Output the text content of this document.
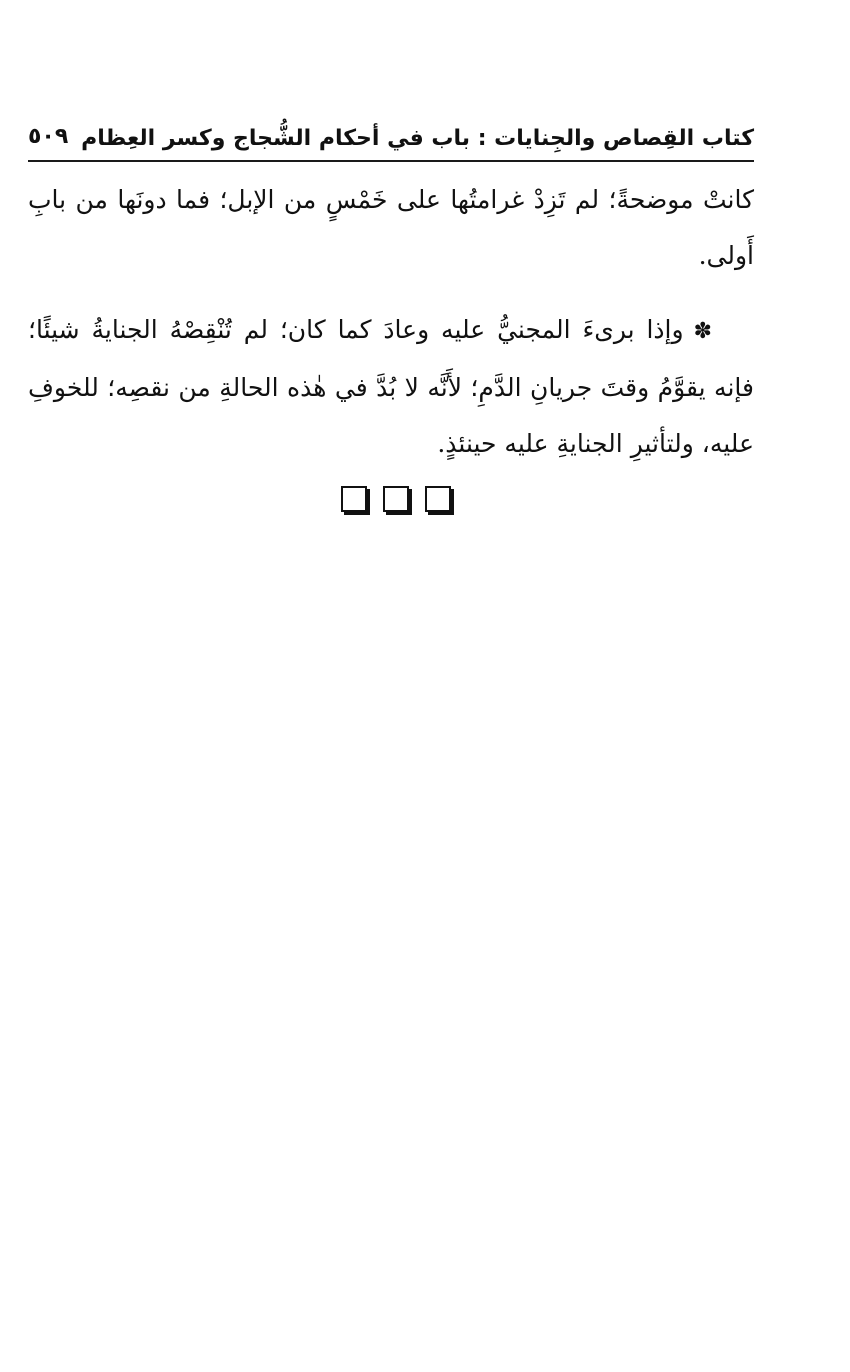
كتاب القِصاص والجِنايات : باب في أحكام الشُّجاج وكسر العِظام
٥٠٩

كانتْ موضحةً؛ لم تَزِدْ غرامتُها على خَمْسٍ من الإبل؛ فما دونَها من بابِ أَولى.

✽وإذا برىءَ المجنيُّ عليه وعادَ كما كان؛ لم تُنْقِصْهُ الجنايةُ شيئًا؛ فإنه يقوَّمُ وقتَ جريانِ الدَّمِ؛ لأَنَّه لا بُدَّ في هٰذه الحالةِ من نقصِه؛ للخوفِ عليه، ولتأثيرِ الجنايةِ عليه حينئذٍ.
